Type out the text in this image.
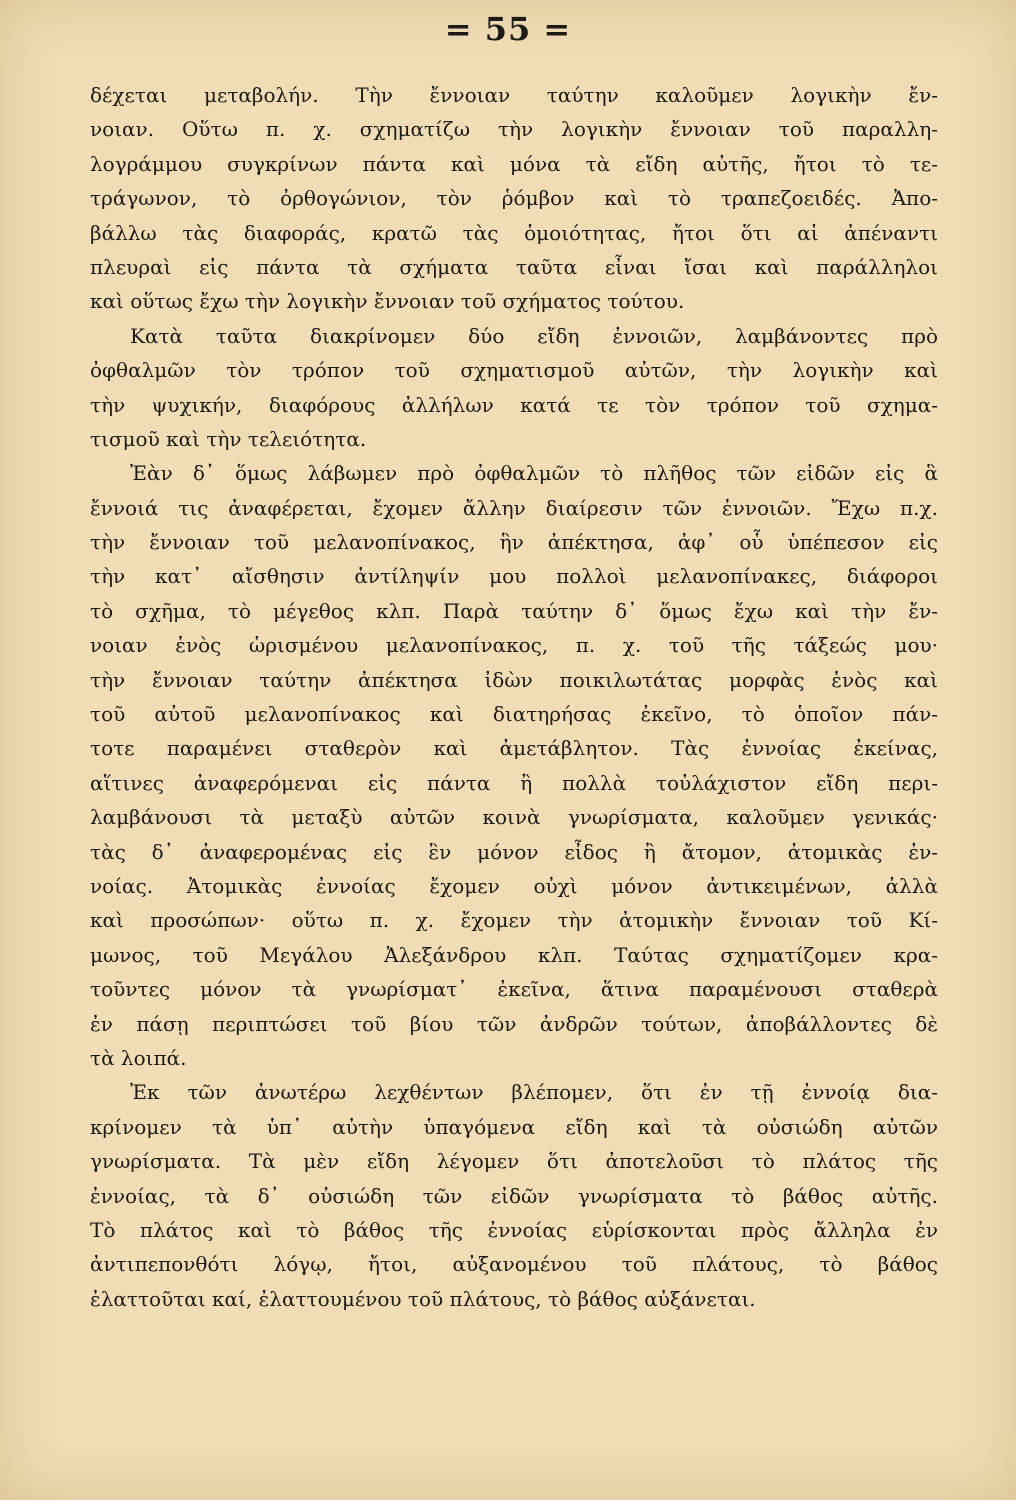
= 55 =
δέχεται μεταβολήν. Τὴν ἔννοιαν ταύτην καλοῦμεν λογικὴν ἔν-
νοιαν. Οὕτω π. χ. σχηματίζω τὴν λογικὴν ἔννοιαν τοῦ παραλλη-
λογράμμου συγκρίνων πάντα καὶ μόνα τὰ εἴδη αὐτῆς, ἤτοι τὸ τε-
τράγωνον, τὸ ὀρθογώνιον, τὸν ῥόμβον καὶ τὸ τραπεζοειδές. Ἀπο-
βάλλω τὰς διαφοράς, κρατῶ τὰς ὁμοιότητας, ἤτοι ὅτι αἱ ἀπέναντι
πλευραὶ εἰς πάντα τὰ σχήματα ταῦτα εἶναι ἴσαι καὶ παράλληλοι
καὶ οὕτως ἔχω τὴν λογικὴν ἔννοιαν τοῦ σχήματος τούτου.
Κατὰ ταῦτα διακρίνομεν δύο εἴδη ἐννοιῶν, λαμβάνοντες πρὸ
ὀφθαλμῶν τὸν τρόπον τοῦ σχηματισμοῦ αὐτῶν, τὴν λογικὴν καὶ
τὴν ψυχικήν, διαφόρους ἀλλήλων κατά τε τὸν τρόπον τοῦ σχημα-
τισμοῦ καὶ τὴν τελειότητα.
Ἐὰν δ᾽ ὅμως λάβωμεν πρὸ ὀφθαλμῶν τὸ πλῆθος τῶν εἰδῶν εἰς ἃ
ἔννοιά τις ἀναφέρεται, ἔχομεν ἄλλην διαίρεσιν τῶν ἐννοιῶν. Ἔχω π.χ.
τὴν ἔννοιαν τοῦ μελανοπίνακος, ἣν ἀπέκτησα, ἀφ᾽ οὗ ὑπέπεσον εἰς
τὴν κατ᾽ αἴσθησιν ἀντίληψίν μου πολλοὶ μελανοπίνακες, διάφοροι
τὸ σχῆμα, τὸ μέγεθος κλπ. Παρὰ ταύτην δ᾽ ὅμως ἔχω καὶ τὴν ἔν-
νοιαν ἑνὸς ὡρισμένου μελανοπίνακος, π. χ. τοῦ τῆς τάξεώς μου·
τὴν ἔννοιαν ταύτην ἀπέκτησα ἰδὼν ποικιλωτάτας μορφὰς ἑνὸς καὶ
τοῦ αὐτοῦ μελανοπίνακος καὶ διατηρήσας ἐκεῖνο, τὸ ὁποῖον πάν-
τοτε παραμένει σταθερὸν καὶ ἀμετάβλητον. Τὰς ἐννοίας ἐκείνας,
αἵτινες ἀναφερόμεναι εἰς πάντα ἢ πολλὰ τοὐλάχιστον εἴδη περι-
λαμβάνουσι τὰ μεταξὺ αὐτῶν κοινὰ γνωρίσματα, καλοῦμεν γενικάς·
τὰς δ᾽ ἀναφερομένας εἰς ἓν μόνον εἶδος ἢ ἄτομον, ἀτομικὰς ἐν-
νοίας. Ἀτομικὰς ἐννοίας ἔχομεν οὐχὶ μόνον ἀντικειμένων, ἀλλὰ
καὶ προσώπων· οὕτω π. χ. ἔχομεν τὴν ἀτομικὴν ἔννοιαν τοῦ Κί-
μωνος, τοῦ Μεγάλου Ἀλεξάνδρου κλπ. Ταύτας σχηματίζομεν κρα-
τοῦντες μόνον τὰ γνωρίσματ᾽ ἐκεῖνα, ἅτινα παραμένουσι σταθερὰ
ἐν πάσῃ περιπτώσει τοῦ βίου τῶν ἀνδρῶν τούτων, ἀποβάλλοντες δὲ
τὰ λοιπά.
Ἐκ τῶν ἀνωτέρω λεχθέντων βλέπομεν, ὅτι ἐν τῇ ἐννοίᾳ δια-
κρίνομεν τὰ ὑπ᾽ αὐτὴν ὑπαγόμενα εἴδη καὶ τὰ οὐσιώδη αὐτῶν
γνωρίσματα. Τὰ μὲν εἴδη λέγομεν ὅτι ἀποτελοῦσι τὸ πλάτος τῆς
ἐννοίας, τὰ δ᾽ οὐσιώδη τῶν εἰδῶν γνωρίσματα τὸ βάθος αὐτῆς.
Τὸ πλάτος καὶ τὸ βάθος τῆς ἐννοίας εὑρίσκονται πρὸς ἄλληλα ἐν
ἀντιπεπονθότι λόγῳ, ἤτοι, αὐξανομένου τοῦ πλάτους, τὸ βάθος
ἐλαττοῦται καί, ἐλαττουμένου τοῦ πλάτους, τὸ βάθος αὐξάνεται.
